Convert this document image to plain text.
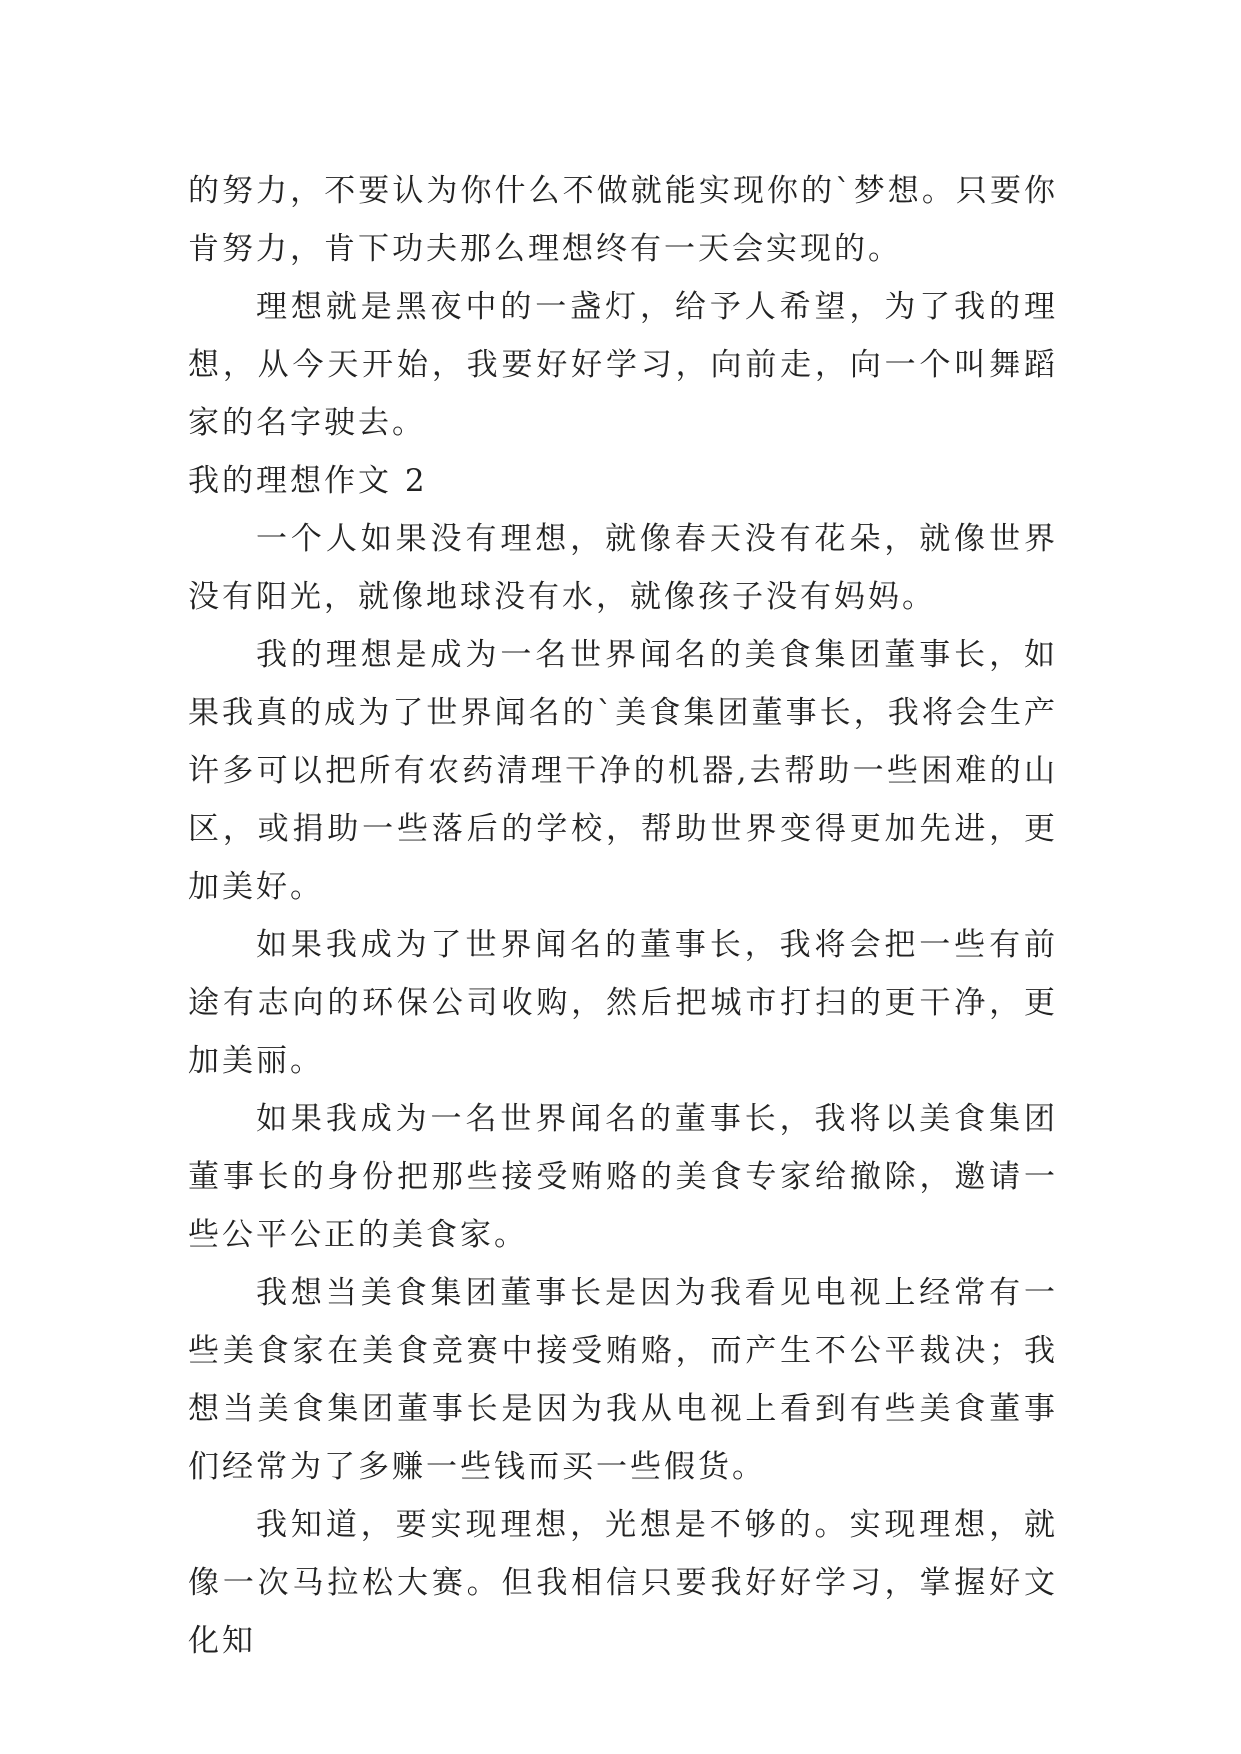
的努力，不要认为你什么不做就能实现你的`梦想。只要你肯努力，肯下功夫那么理想终有一天会实现的。

理想就是黑夜中的一盏灯，给予人希望，为了我的理想，从今天开始，我要好好学习，向前走，向一个叫舞蹈家的名字驶去。

我的理想作文 2

一个人如果没有理想，就像春天没有花朵，就像世界没有阳光，就像地球没有水，就像孩子没有妈妈。

我的理想是成为一名世界闻名的美食集团董事长，如果我真的成为了世界闻名的`美食集团董事长，我将会生产许多可以把所有农药清理干净的机器,去帮助一些困难的山区，或捐助一些落后的学校，帮助世界变得更加先进，更加美好。

如果我成为了世界闻名的董事长，我将会把一些有前途有志向的环保公司收购，然后把城市打扫的更干净，更加美丽。

如果我成为一名世界闻名的董事长，我将以美食集团董事长的身份把那些接受贿赂的美食专家给撤除，邀请一些公平公正的美食家。

我想当美食集团董事长是因为我看见电视上经常有一些美食家在美食竞赛中接受贿赂，而产生不公平裁决；我想当美食集团董事长是因为我从电视上看到有些美食董事们经常为了多赚一些钱而买一些假货。

我知道，要实现理想，光想是不够的。实现理想，就像一次马拉松大赛。但我相信只要我好好学习，掌握好文化知
